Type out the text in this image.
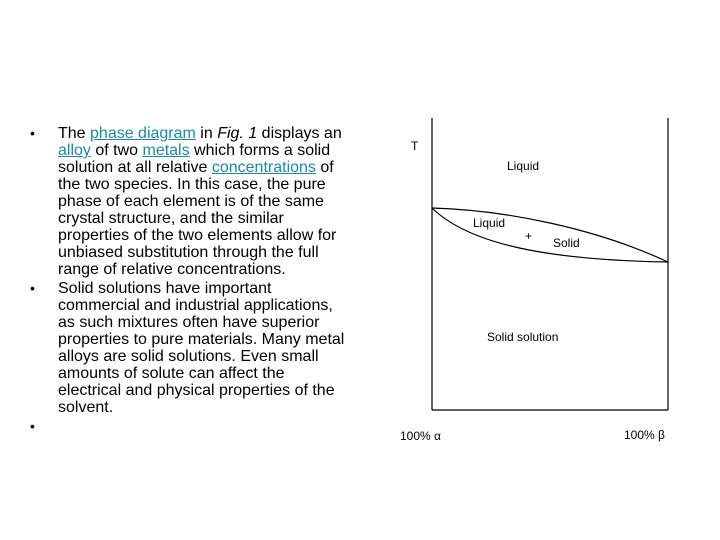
• The phase diagram in Fig. 1 displays an alloy of two metals which forms a solid solution at all relative concentrations of the two species. In this case, the pure phase of each element is of the same crystal structure, and the similar properties of the two elements allow for unbiased substitution through the full range of relative concentrations.
• Solid solutions have important commercial and industrial applications, as such mixtures often have superior properties to pure materials. Many metal alloys are solid solutions. Even small amounts of solute can affect the electrical and physical properties of the solvent.
•
T
Liquid
Liquid
+ Solid
Solid solution
100% α	100% β
